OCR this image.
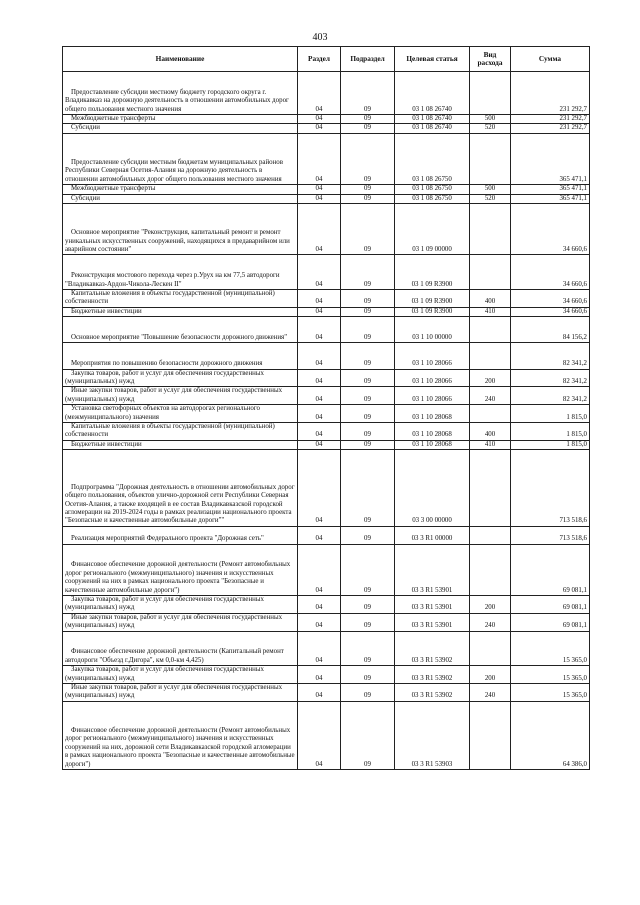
403
Наименование	Раздел	Подраздел	Целевая статья	Вид расхода	Сумма
Предоставление субсидии местному бюджету городского округа г. Владикавказ на дорожную деятельность в отношении автомобильных дорог общего пользования местного значения	04	09	03 1 08 26740		231 292,7
Межбюджетные трансферты	04	09	03 1 08 26740	500	231 292,7
Субсидии	04	09	03 1 08 26740	520	231 292,7
Предоставление субсидии местным бюджетам муниципальных районов Республики Северная Осетия-Алания на дорожную деятельность в отношении автомобильных дорог общего пользования местного значения	04	09	03 1 08 26750		365 471,1
Межбюджетные трансферты	04	09	03 1 08 26750	500	365 471,1
Субсидии	04	09	03 1 08 26750	520	365 471,1
Основное мероприятие "Реконструкция, капитальный ремонт и ремонт уникальных искусственных сооружений, находящихся в предаварийном или аварийном состоянии"	04	09	03 1 09 00000		34 660,6
Реконструкция мостового перехода через р.Урух на км 77,5 автодороги "Владикавказ-Ардон-Чикола-Лескен II"	04	09	03 1 09 R3900		34 660,6
Капитальные вложения в объекты государственной (муниципальной) собственности	04	09	03 1 09 R3900	400	34 660,6
Бюджетные инвестиции	04	09	03 1 09 R3900	410	34 660,6
Основное мероприятие "Повышение безопасности дорожного движения"	04	09	03 1 10 00000		84 156,2
Мероприятия по повышению безопасности дорожного движения	04	09	03 1 10 28066		82 341,2
Закупка товаров, работ и услуг для обеспечения государственных (муниципальных) нужд	04	09	03 1 10 28066	200	82 341,2
Иные закупки товаров, работ и услуг для обеспечения государственных (муниципальных) нужд	04	09	03 1 10 28066	240	82 341,2
Установка светофорных объектов на автодорогах регионального (межмуниципального) значения	04	09	03 1 10 28068		1 815,0
Капитальные вложения в объекты государственной (муниципальной) собственности	04	09	03 1 10 28068	400	1 815,0
Бюджетные инвестиции	04	09	03 1 10 28068	410	1 815,0
Подпрограмма "Дорожная деятельность в отношении автомобильных дорог общего пользования, объектов улично-дорожной сети Республики Северная Осетия-Алания, а также входящей в ее состав Владикавказской городской агломерации на 2019-2024 годы в рамках реализации национального проекта "Безопасные и качественные автомобильные дороги""	04	09	03 3 00 00000		713 518,6
Реализация мероприятий Федерального проекта "Дорожная сеть"	04	09	03 3 R1 00000		713 518,6
Финансовое обеспечение дорожной деятельности (Ремонт автомобильных дорог регионального (межмуниципального) значения и искусственных сооружений на них в рамках национального проекта "Безопасные и качественные автомобильные дороги")	04	09	03 3 R1 53901		69 081,1
Закупка товаров, работ и услуг для обеспечения государственных (муниципальных) нужд	04	09	03 3 R1 53901	200	69 081,1
Иные закупки товаров, работ и услуг для обеспечения государственных (муниципальных) нужд	04	09	03 3 R1 53901	240	69 081,1
Финансовое обеспечение дорожной деятельности (Капитальный ремонт автодороги "Объезд г.Дигора", км 0,0-км 4,425)	04	09	03 3 R1 53902		15 365,0
Закупка товаров, работ и услуг для обеспечения государственных (муниципальных) нужд	04	09	03 3 R1 53902	200	15 365,0
Иные закупки товаров, работ и услуг для обеспечения государственных (муниципальных) нужд	04	09	03 3 R1 53902	240	15 365,0
Финансовое обеспечение дорожной деятельности (Ремонт автомобильных дорог регионального (межмуниципального) значения и искусственных сооружений на них, дорожной сети Владикавказской городской агломерации в рамках национального проекта "Безопасные и качественные автомобильные дороги")	04	09	03 3 R1 53903		64 386,0
